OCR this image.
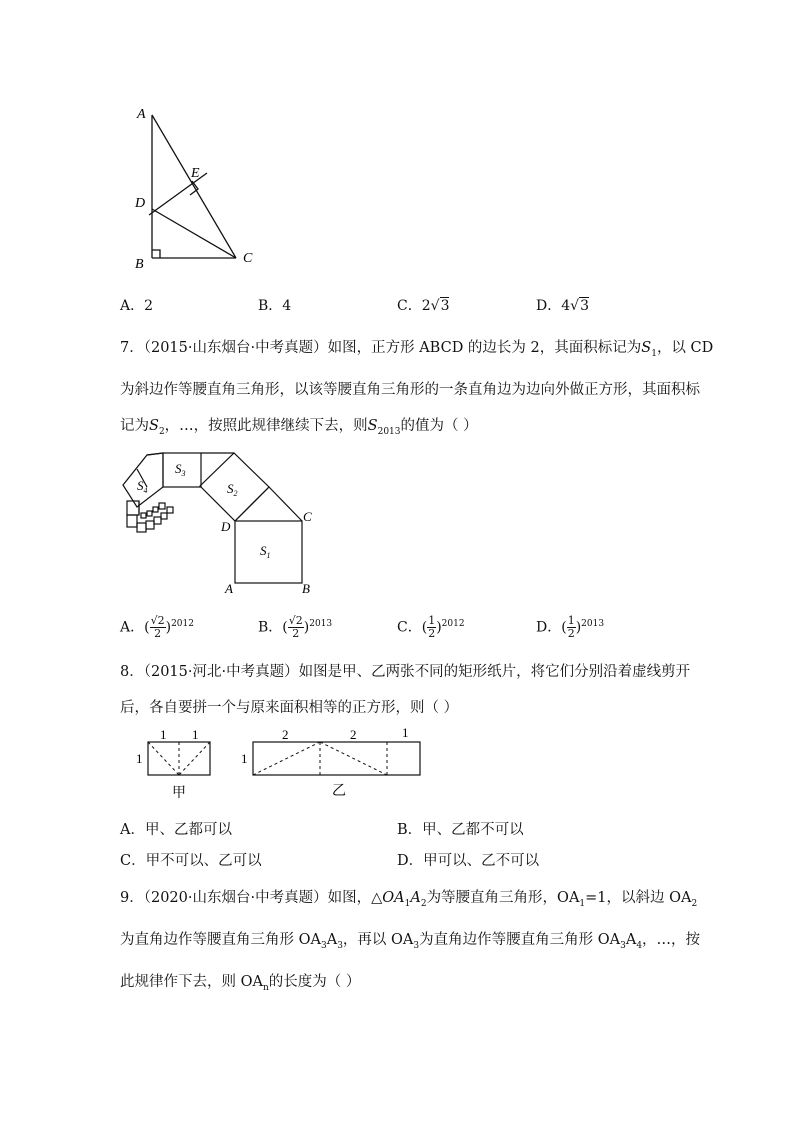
A
D
B	C
E
A．2	B．4	C．2√3	D．4√3
7．（2015·山东烟台·中考真题）如图，正方形 ABCD 的边长为 2，其面积标记为$S_1$，以 CD
为斜边作等腰直角三角形，以该等腰直角三角形的一条直角边为边向外做正方形，其面积标
记为$S_2$，…，按照此规律继续下去，则$S_{2013}$的值为（ ）
$S_1$
$S_2$
$S_3$
$S_4$
D
C
A	B
A．( $\frac{√2}{2} )^{2012}$	B．( $\frac{√2}{2} )^{2013}$	C．( $\frac{1}{2} )^{2012}$	D．( $\frac{1}{2} )^{2013}$
8．（2015·河北·中考真题）如图是甲、乙两张不同的矩形纸片，将它们分别沿着虚线剪开
后，各自要拼一个与原来面积相等的正方形，则（ ）
1 1
1
甲
2	2	1
1
乙
A．甲、乙都可以	B．甲、乙都不可以
C．甲不可以、乙可以	D．甲可以、乙不可以
9．（2020·山东烟台·中考真题）如图，$\triangle OA_1A_2$为等腰直角三角形，$OA_1=1$，以斜边 $OA_2$
为直角边作等腰直角三角形 $OA_3A_3$，再以 $OA_3$为直角边作等腰直角三角形 $OA_3A_4$，…，按
此规律作下去，则 $OA_n$的长度为（ ）
